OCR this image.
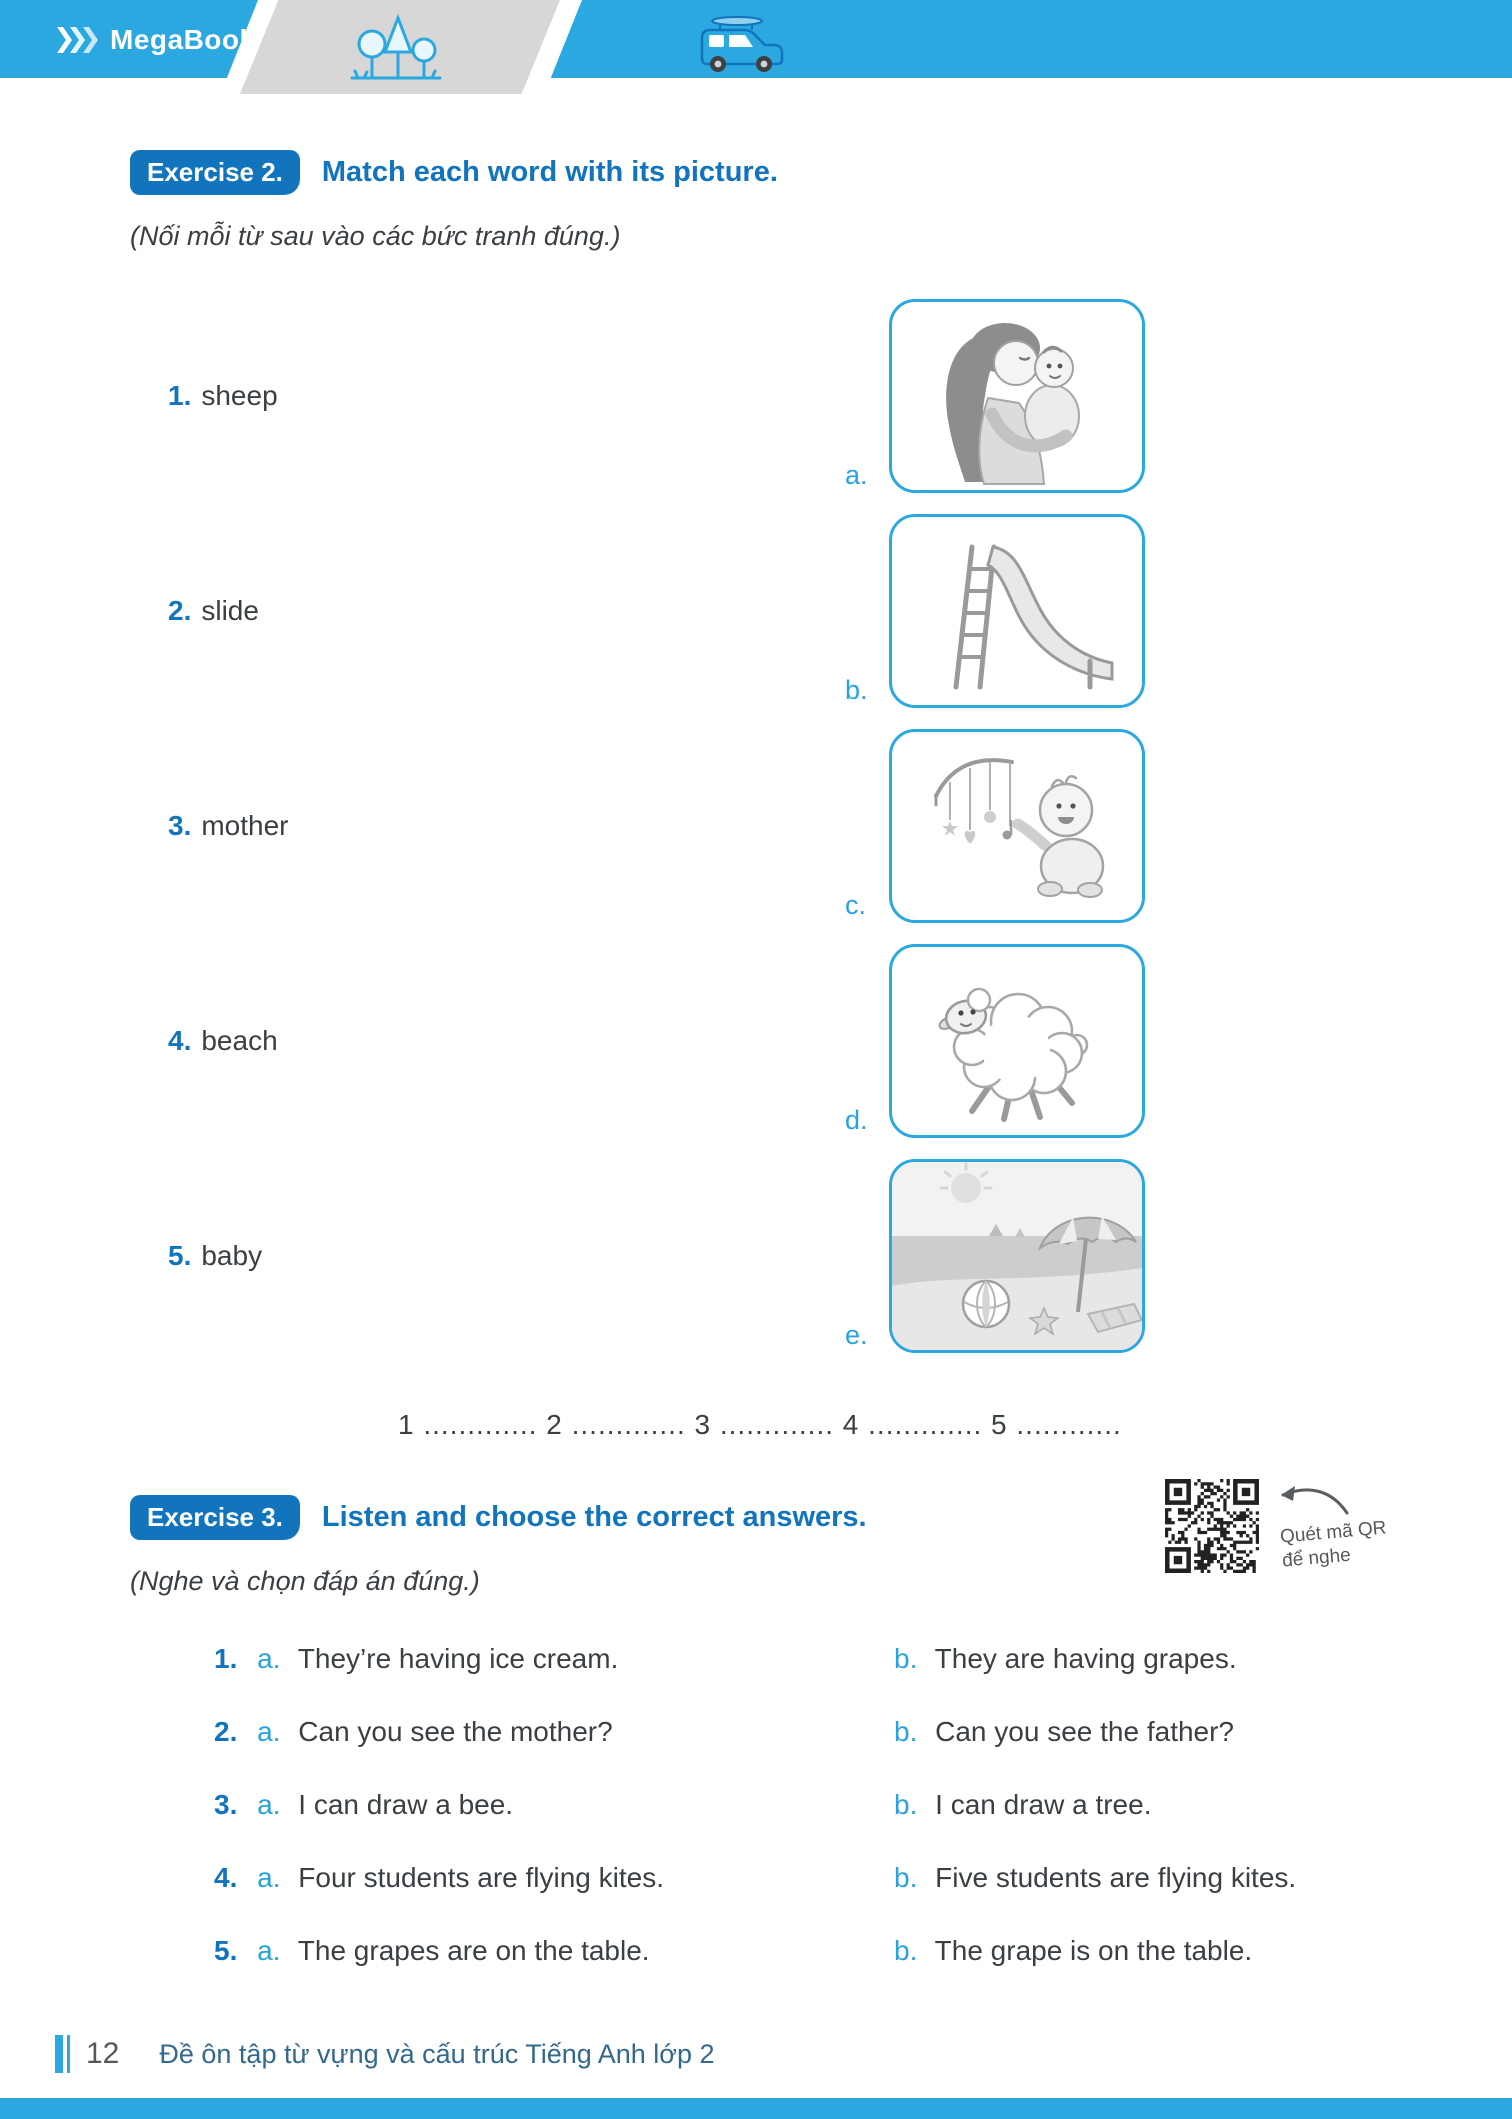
MegaBook
Exercise 2.	Match each word with its picture.
(Nối mỗi từ sau vào các bức tranh đúng.)
1. sheep
a.
2. slide
b.
3. mother
c.
4. beach
d.
5. baby
e.
1 ............. 2 ............. 3 ............. 4 ............. 5 ............
Exercise 3.	Listen and choose the correct answers.	Quét mã QR
để nghe
(Nghe và chọn đáp án đúng.)
1. a. They’re having ice cream.	b. They are having grapes.
2. a. Can you see the mother?	b. Can you see the father?
3. a. I can draw a bee.	b. I can draw a tree.
4. a. Four students are flying kites.	b. Five students are flying kites.
5. a. The grapes are on the table.	b. The grape is on the table.
12 Đề ôn tập từ vựng và cấu trúc Tiếng Anh lớp 2
